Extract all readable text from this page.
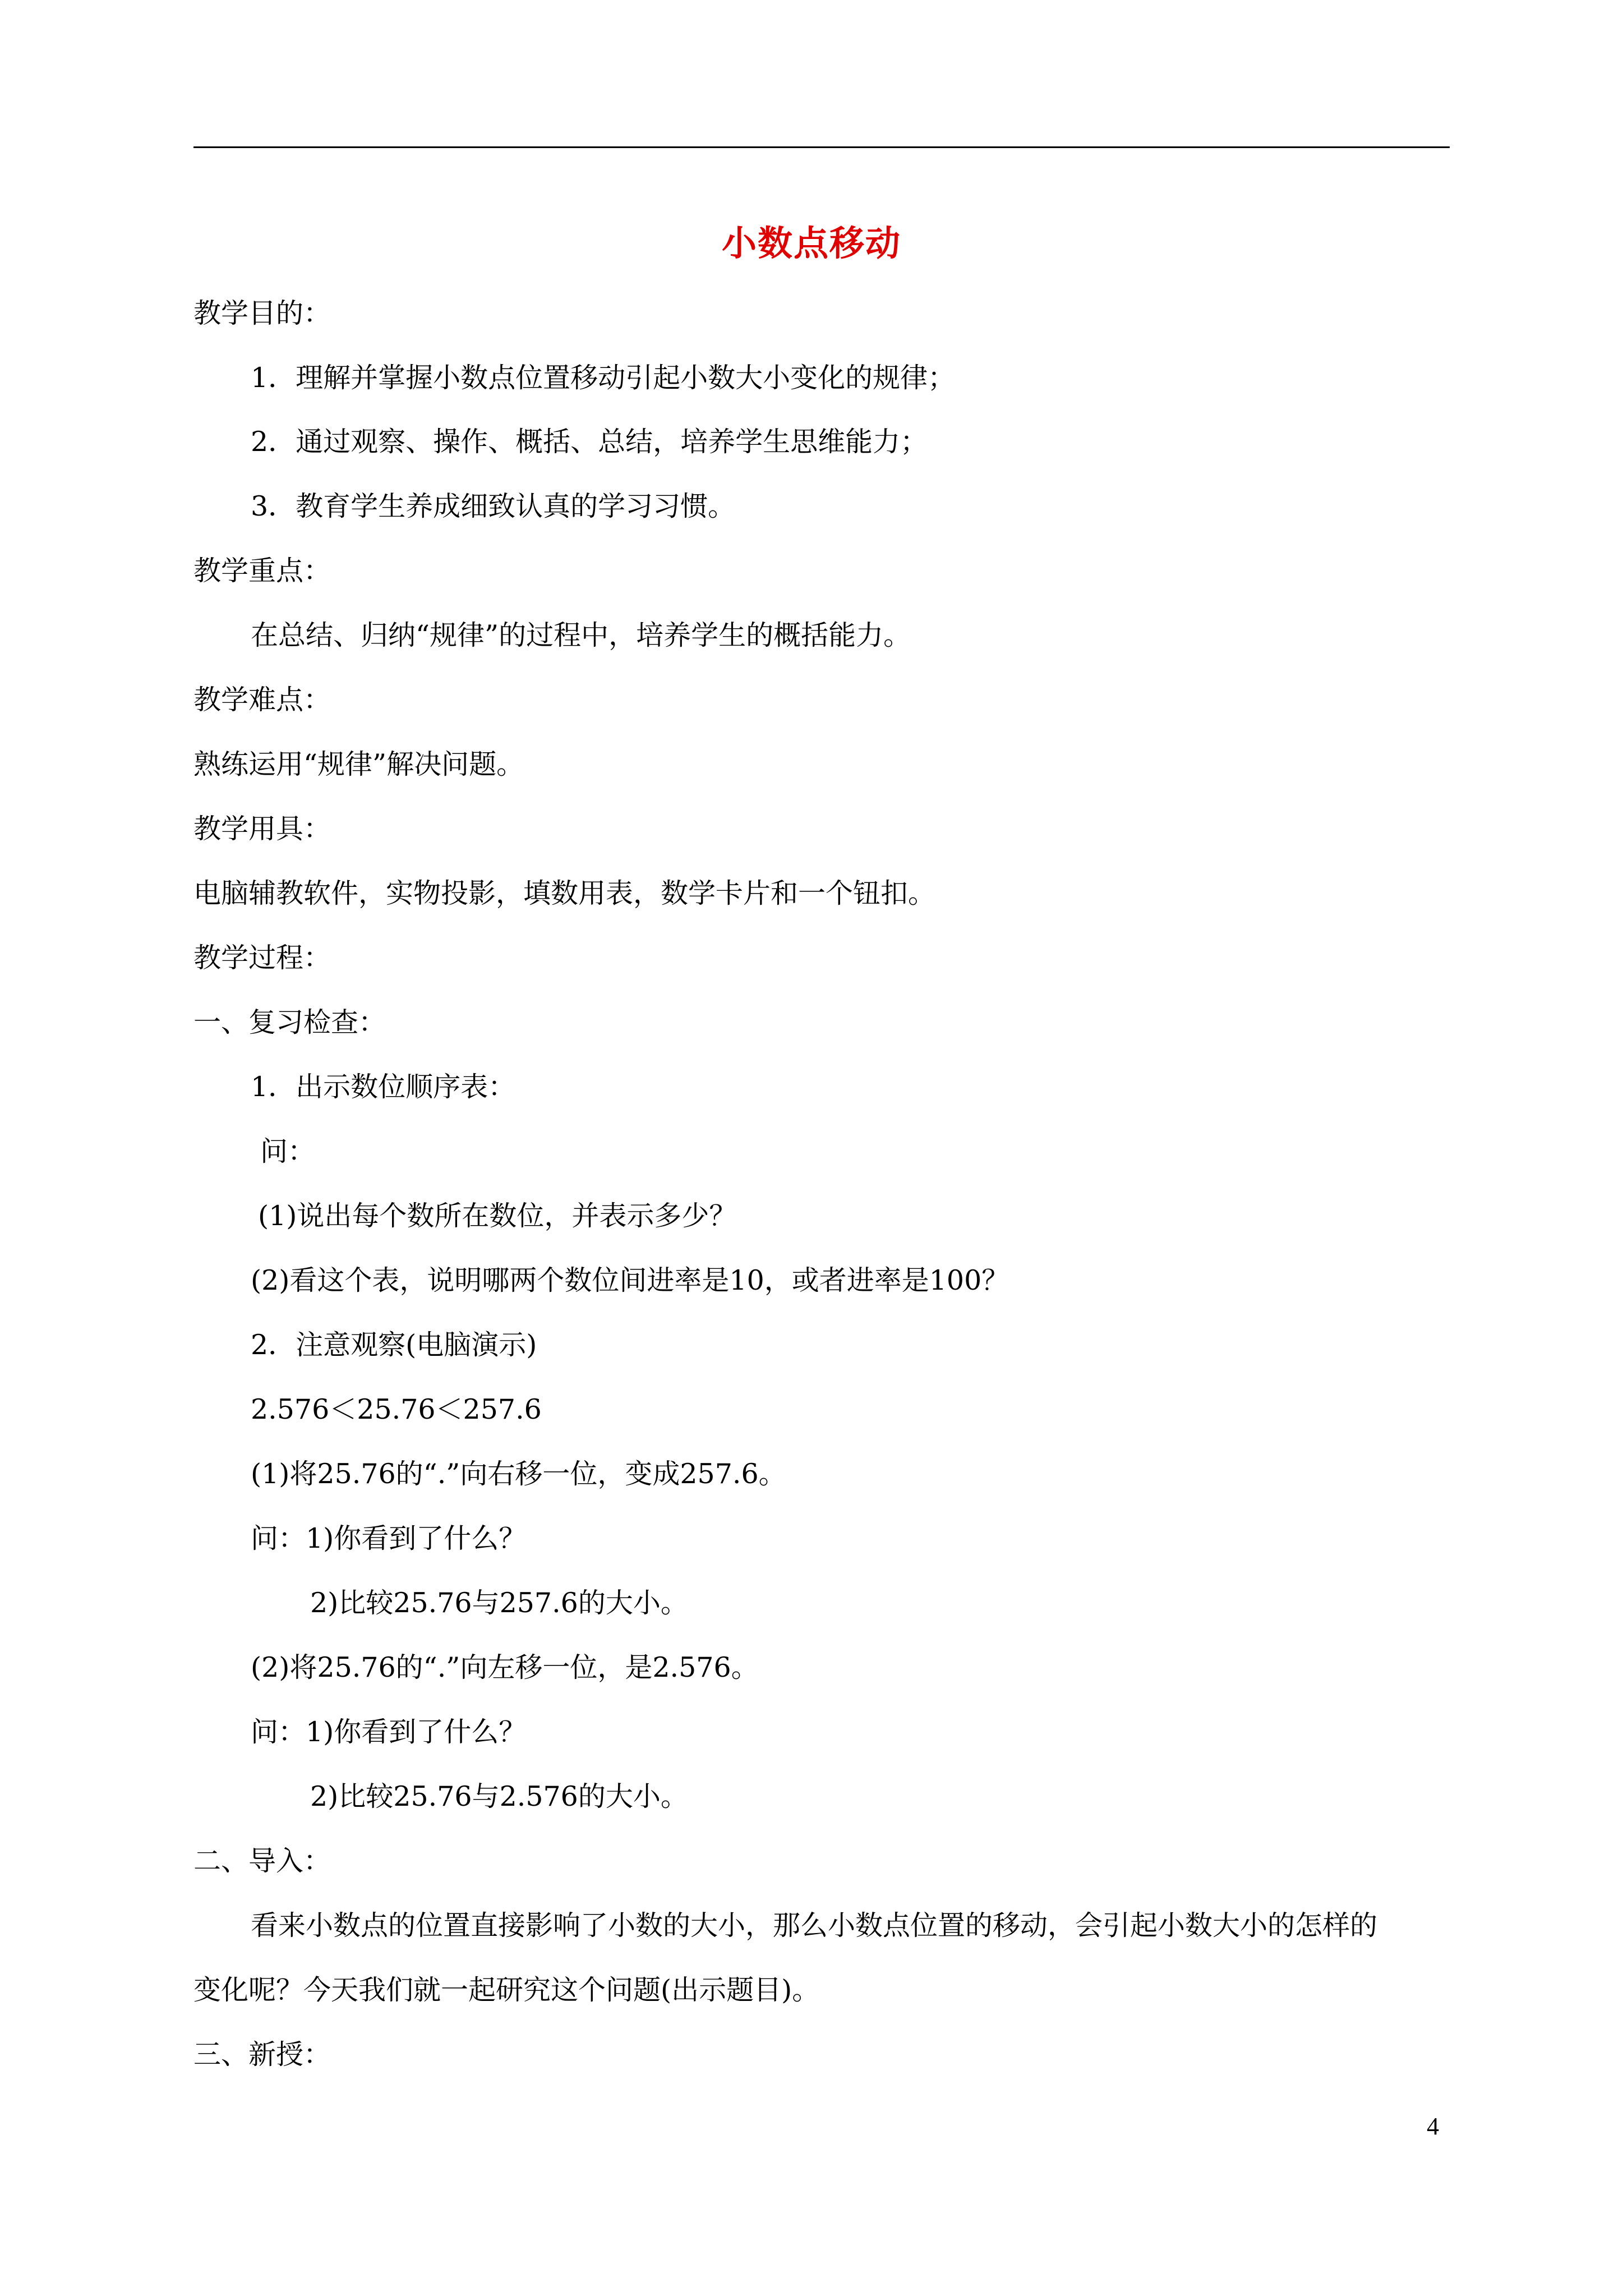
小数点移动
教学目的：
1．理解并掌握小数点位置移动引起小数大小变化的规律；
2．通过观察、操作、概括、总结，培养学生思维能力；
3．教育学生养成细致认真的学习习惯。
教学重点：
在总结、归纳“规律”的过程中，培养学生的概括能力。
教学难点：
熟练运用“规律”解决问题。
教学用具：
电脑辅教软件，实物投影，填数用表，数学卡片和一个钮扣。
教学过程：
一、复习检查：
1．出示数位顺序表：
问：
(1)说出每个数所在数位，并表示多少？
(2)看这个表，说明哪两个数位间进率是10，或者进率是100？
2．注意观察(电脑演示)
2.576＜25.76＜257.6
(1)将25.76的“.”向右移一位，变成257.6。
问：1)你看到了什么？
2)比较25.76与257.6的大小。
(2)将25.76的“.”向左移一位，是2.576。
问：1)你看到了什么？
2)比较25.76与2.576的大小。
二、导入：
看来小数点的位置直接影响了小数的大小，那么小数点位置的移动，会引起小数大小的怎样的
变化呢？今天我们就一起研究这个问题(出示题目)。
三、新授：
4
